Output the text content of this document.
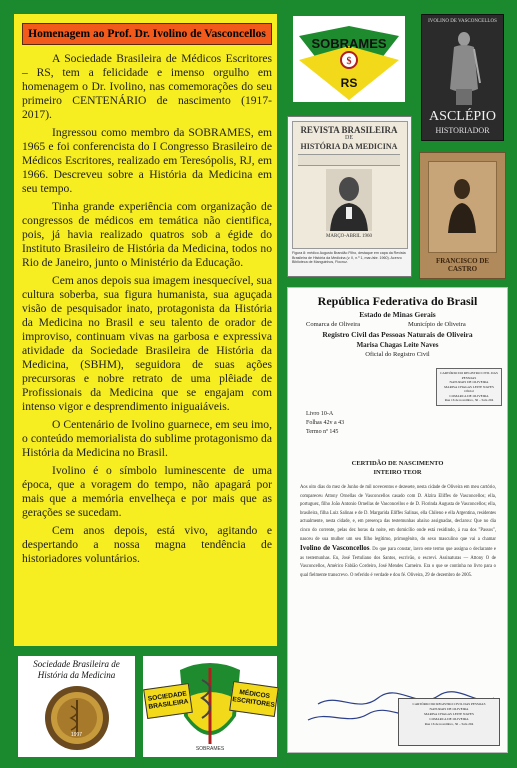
Homenagem ao Prof. Dr. Ivolino de Vasconcellos

A Sociedade Brasileira de Médicos Escritores – RS, tem a felicidade e imenso orgulho em homenagem o Dr. Ivolino, nas comemorações do seu primeiro CENTENÁRIO de nascimento (1917-2017).

Ingressou como membro da SOBRAMES, em 1965 e foi conferencista do I Congresso Brasileiro de Médicos Escritores, realizado em Teresópolis, RJ, em 1966. Descreveu sobre a História da Medicina em seu tempo.

Tinha grande experiência com organização de congressos de médicos em temática não cientifica, pois, já havia realizado quatros sob a égide do Instituto Brasileiro de História da Medicina, todos no Rio de Janeiro, junto o Ministério da Educação.

Cem anos depois sua imagem inesquecível, sua cultura soberba, sua figura humanista, sua aguçada visão de pesquisador inato, protagonista da História da Medicina no Brasil e seu talento de orador de improviso, continuam vivas na garbosa e expressiva atividade da Sociedade Brasileira de História da Medicina, (SBHM), seguidora de suas ações precursoras e nobre retrato de uma plêiade de Profissionais da Medicina que se engajam com intenso vigor e desprendimento iniguaiáveis.

O Centenário de Ivolino guarnece, em seu imo, o conteúdo memorialista do sublime protagonismo da História da Medicina no Brasil.

Ivolino é o símbolo luminescente de uma época, que a voragem do tempo, não apagará por mais que a memória envelheça e por mais que as gerações se sucedam.

Cem anos depois, está vivo, agitando e despertando a nossa magna tendência de historiadores voluntários.

$
SOBRAMES
RS
IVOLINO DE VASCONCELLOS
ASCLÉPIO
HISTORIADOR
REVISTA BRASILEIRA
DE
HISTÓRIA DA MEDICINA
MARÇO-ABRIL 1960
Figura 8: médico Augusto Brandão Filho, destaque em capa da Revista Brasileira de História da Medicina (v. II, n.º 1, mar./abr. 1960). Acervo Biblioteca de Manguinhos, Fiocruz.	FRANCISCO DE CASTRO
República Federativa do Brasil
Estado de Minas Gerais
Comarca de Oliveira	Município de Oliveira
Registro Civil das Pessoas Naturais de Oliveira
Marisa Chagas Leite Naves
Oficial do Registro Civil
CARTÓRIO DO REGISTRO CIVIL DAS PESSOAS
NATURAIS DE OLIVEIRA
MARISA CHAGAS LEITE NAVES
Oficial
COMARCA DE OLIVEIRA
Rua 16 de novembro, 36 – Sala 204
Livro 10-A
Folhas 42v a 43
Termo nº 145
CERTIDÃO DE NASCIMENTO
INTEIRO TEOR
Aos oito dias do mez de Junho de mil novecentos e dezesete, nesta cidade de Oliveira em meu cartório, compareceu Attony Ornellas de Vasconcellos casado com D. Alzira Eliffes de Vasconcellos; ella, portuguez, filho João Antonio Ornellas de Vasconcellos e de D. Florinda Augusta de Vasconcellos; ella, brasileira, filha Luiz Salinas e de D. Margarida Eliffes Salinas, ella Chileno e ella Argentina, residentes actualmente, nesta cidade, e, em presença das testemunhas abaixo assignadas, declarou: Que no dia cinco do corrente, pelas dez horas da noite, em domicílio onde está residindo, á rua dos "Passos", nasceu de sua mulher um seu filho legítimo, primogênito, do sexo masculino que vai a chamar Ivolino de Vasconcellos. Do que para constar, lavro este termo que assigna o declarante e as testemunhas. Eu, José Tertuliano dos Santos, escrivão, o escrevi. Assinaturas — Attony O de Vasconcellos, Américo Fabião Cordeiro, José Mendes Carneiro. Era o que se continha no livro para o qual fielmente transcrevo. O referido é verdade e dou fé. Oliveira, 29 de dezembro de 2005.
CARTÓRIO DO REGISTRO CIVIL DAS PESSOAS
NATURAIS DE OLIVEIRA
MARISA CHAGAS LEITE NAVES
COMARCA DE OLIVEIRA
Rua 16 de novembro, 36 – Sala 204
Sociedade Brasileira de
História da Medicina
1997
SOCIEDADE BRASILEIRA
MÉDICOS ESCRITORES
SOBRAMES
